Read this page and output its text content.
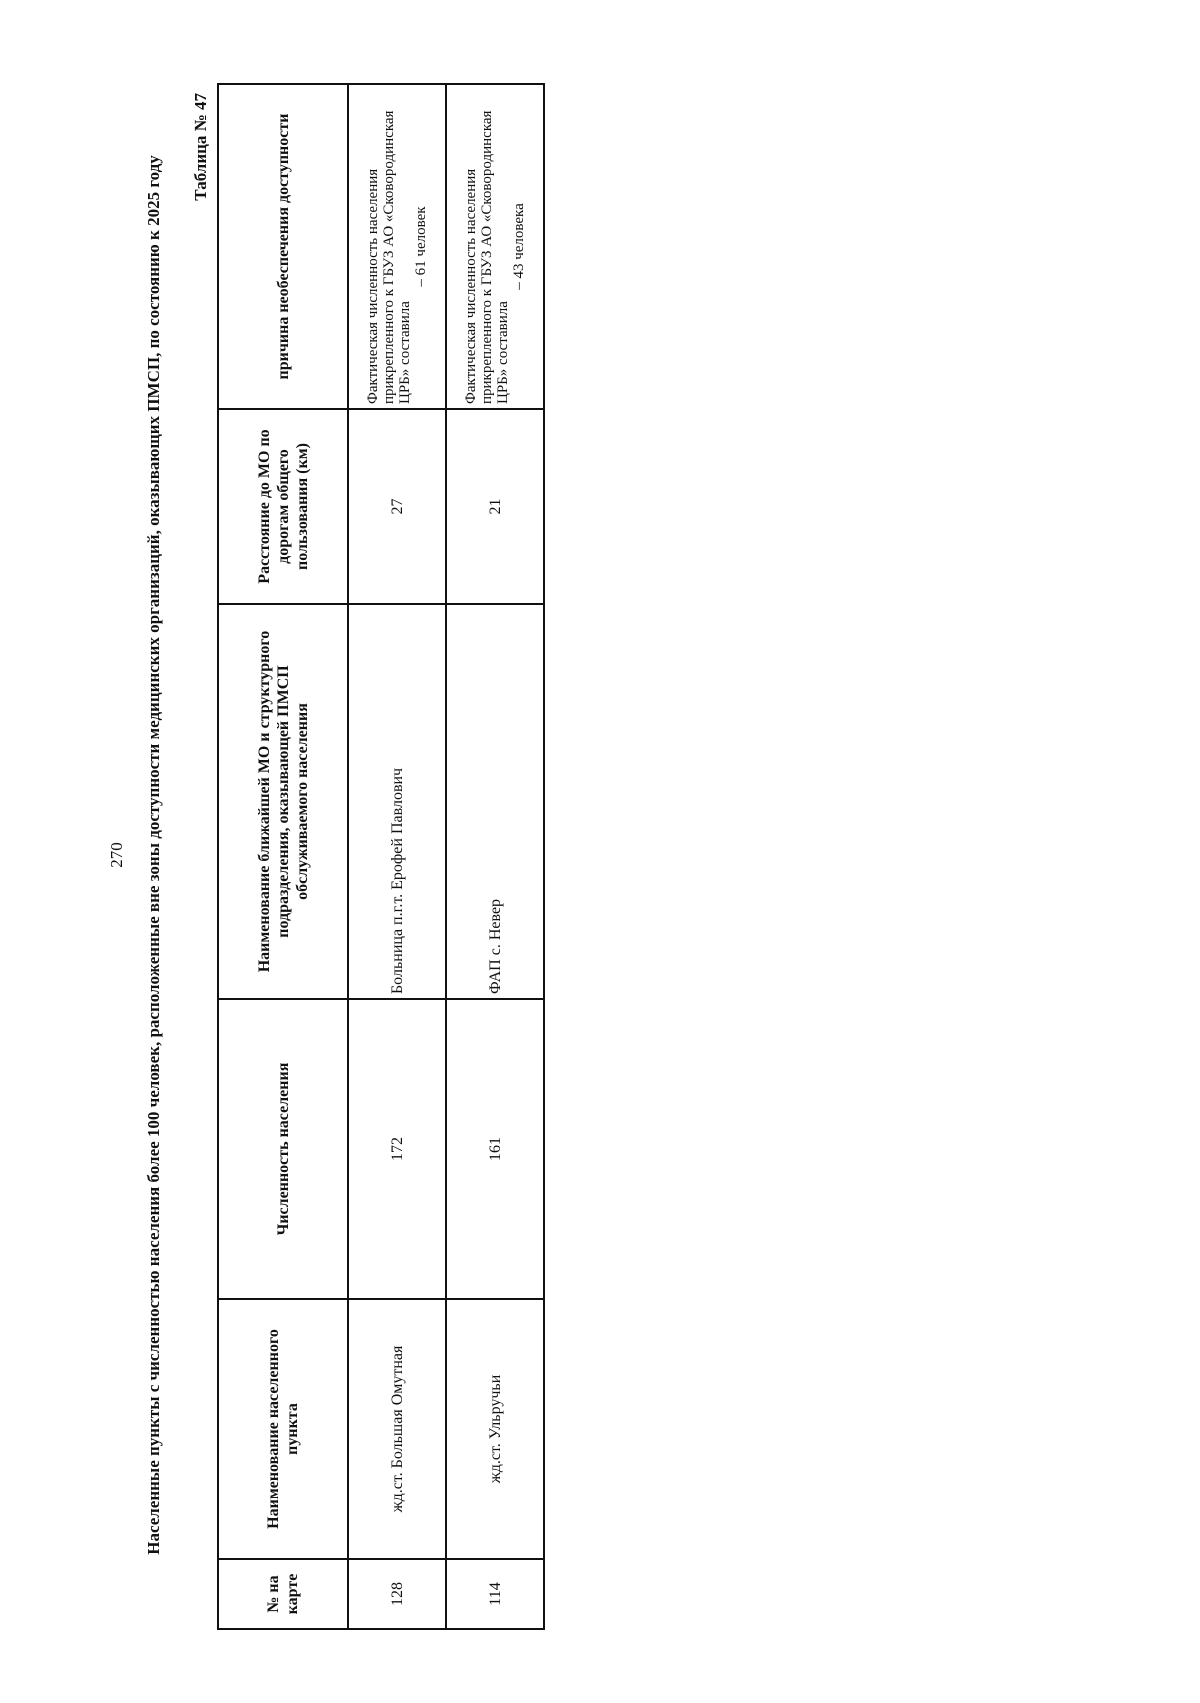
270 Населенные пункты с численностью населения более 100 человек, расположенные вне зоны доступности медицинских организаций, оказывающих ПМСП, по состоянию к 2025 году
Таблица № 47
№ на карте	Наименование населенного пункта	Численность населения	Наименование ближайшей МО и структурного подразделения, оказывающей ПМСП обслуживаемого населения	Расстояние до МО по дорогам общего пользования (км)	причина необеспечения доступности
128	жд.ст. Большая Омутная	172	Больница п.г.т. Ерофей Павлович	27	Фактическая численность населения прикрепленного к ГБУЗ АО «Сковородинская ЦРБ» составила
– 61 человек

114	жд.ст. Ульручьи	161	ФАП с. Невер	21	Фактическая численность населения прикрепленного к ГБУЗ АО «Сковородинская ЦРБ» составила
– 43 человека
